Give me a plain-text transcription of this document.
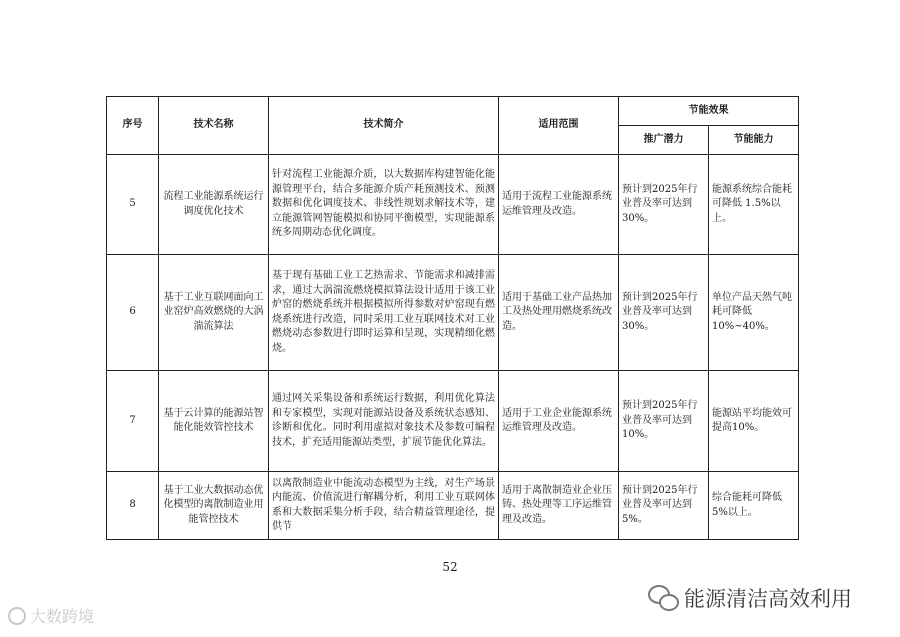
序号	技术名称	技术简介	适用范围	节能效果	
				推广潜力	节能能力
5	流程工业能源系统运行调度优化技术	针对流程工业能源介质，以大数据库构建智能化能源管理平台，结合多能源介质产耗预测技术、预测数据和优化调度技术、非线性规划求解技术等，建立能源管网智能模拟和协同平衡模型，实现能源系统多周期动态优化调度。	适用于流程工业能源系统运维管理及改造。	预计到2025年行业普及率可达到30%。	能源系统综合能耗可降低 1.5%以上。
6	基于工业互联网面向工业窑炉高效燃烧的大涡湍流算法	基于现有基础工业工艺热需求、节能需求和减排需求，通过大涡湍流燃烧模拟算法设计适用于该工业炉窑的燃烧系统并根据模拟所得参数对炉窑现有燃烧系统进行改造，同时采用工业互联网技术对工业燃烧动态参数进行即时运算和呈现，实现精细化燃烧。	适用于基础工业产品热加工及热处理用燃烧系统改造。	预计到2025年行业普及率可达到30%。	单位产品天然气吨耗可降低10%~40%。
7	基于云计算的能源站智能化能效管控技术	通过网关采集设备和系统运行数据，利用优化算法和专家模型，实现对能源站设备及系统状态感知、诊断和优化。同时利用虚拟对象技术及参数可编程技术，扩充适用能源站类型，扩展节能优化算法。	适用于工业企业能源系统运维管理及改造。	预计到2025年行业普及率可达到10%。	能源站平均能效可提高10%。
8	基于工业大数据动态优化模型的离散制造业用能管控技术	以离散制造业中能流动态模型为主线，对生产场景内能流、价值流进行解耦分析，利用工业互联网体系和大数据采集分析手段，结合精益管理途径，提供节	适用于离散制造业企业压铸、热处理等工序运维管理及改造。	预计到2025年行业普及率可达到5%。	综合能耗可降低 5%以上。
52
大数跨境
能源清洁高效利用
